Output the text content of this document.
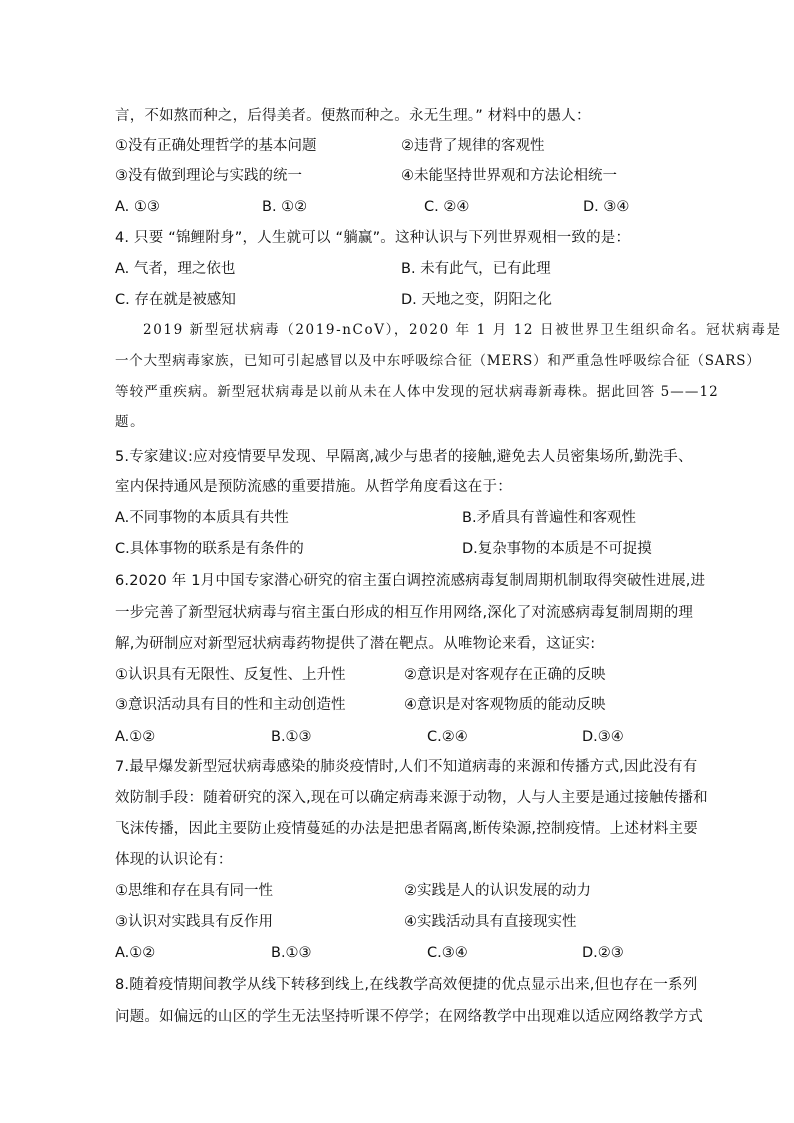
言，不如熬而种之，后得美者。便熬而种之。永无生理。” 材料中的愚人：
①没有正确处理哲学的基本问题	②违背了规律的客观性
③没有做到理论与实践的统一	④未能坚持世界观和方法论相统一
A. ①③	B. ①②	C. ②④	D. ③④
4. 只要 “锦鲤附身”，人生就可以 “躺赢”。这种认识与下列世界观相一致的是：
A. 气者，理之依也	B. 未有此气，已有此理
C. 存在就是被感知	D. 天地之变，阴阳之化
2019 新型冠状病毒（2019-nCoV），2020 年 1 月 12 日被世界卫生组织命名。冠状病毒是
一个大型病毒家族，已知可引起感冒以及中东呼吸综合征（MERS）和严重急性呼吸综合征（SARS）
等较严重疾病。新型冠状病毒是以前从未在人体中发现的冠状病毒新毒株。据此回答 5——12
题。
5.专家建议:应对疫情要早发现、早隔离,减少与患者的接触,避免去人员密集场所,勤洗手、
室内保持通风是预防流感的重要措施。从哲学角度看这在于：
A.不同事物的本质具有共性	B.矛盾具有普遍性和客观性
C.具体事物的联系是有条件的	D.复杂事物的本质是不可捉摸
6.2020 年 1月中国专家潜心研究的宿主蛋白调控流感病毒复制周期机制取得突破性进展,进
一步完善了新型冠状病毒与宿主蛋白形成的相互作用网络,深化了对流感病毒复制周期的理
解,为研制应对新型冠状病毒药物提供了潜在靶点。从唯物论来看，这证实:
①认识具有无限性、反复性、上升性	②意识是对客观存在正确的反映
③意识活动具有目的性和主动创造性	④意识是对客观物质的能动反映
A.①②	B.①③	C.②④	D.③④
7.最早爆发新型冠状病毒感染的肺炎疫情时,人们不知道病毒的来源和传播方式,因此没有有
效防制手段：随着研究的深入,现在可以确定病毒来源于动物，人与人主要是通过接触传播和
飞沫传播，因此主要防止疫情蔓延的办法是把患者隔离,断传染源,控制疫情。上述材料主要
体现的认识论有：
①思维和存在具有同一性	②实践是人的认识发展的动力
③认识对实践具有反作用	④实践活动具有直接现实性
A.①②	B.①③	C.③④	D.②③
8.随着疫情期间教学从线下转移到线上,在线教学高效便捷的优点显示出来,但也存在一系列
问题。如偏远的山区的学生无法坚持听课不停学；在网络教学中出现难以适应网络教学方式
